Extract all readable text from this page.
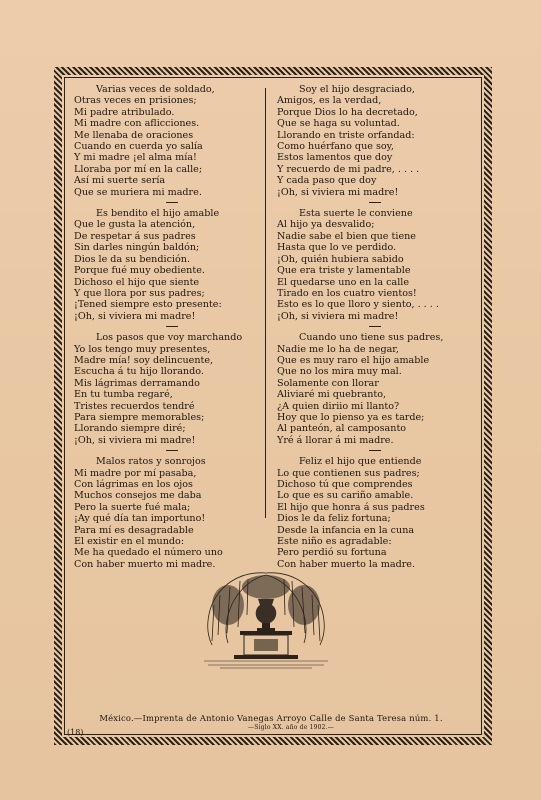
Varias veces de soldado,
Otras veces en prisiones;
Mi padre atribulado.
Mi madre con aflicciones.
Me llenaba de oraciones
Cuando en cuerda yo salía
Y mi madre ¡el alma mía!
Lloraba por mí en la calle;
Así mi suerte sería
Que se muriera mi madre.
Es bendito el hijo amable
Que le gusta la atención,
De respetar á sus padres
Sin darles ningún baldón;
Dios le da su bendición.
Porque fué muy obediente.
Dichoso el hijo que siente
Y que llora por sus padres;
¡Tened siempre esto presente:
¡Oh, si viviera mi madre!
Los pasos que voy marchando
Yo los tengo muy presentes,
Madre mía! soy delincuente,
Escucha á tu hijo llorando.
Mis lágrimas derramando
En tu tumba regaré,
Tristes recuerdos tendré
Para siempre memorables;
Llorando siempre diré;
¡Oh, si viviera mi madre!
Malos ratos y sonrojos
Mi madre por mí pasaba,
Con lágrimas en los ojos
Muchos consejos me daba
Pero la suerte fué mala;
¡Ay qué día tan importuno!
Para mí es desagradable
El existir en el mundo:
Me ha quedado el número uno
Con haber muerto mi madre.
Soy el hijo desgraciado,
Amigos, es la verdad,
Porque Dios lo ha decretado,
Que se haga su voluntad.
Llorando en triste orfandad:
Como huérfano que soy,
Estos lamentos que doy
Y recuerdo de mi padre, . . . .
Y cada paso que doy
¡Oh, si viviera mi madre!
Esta suerte le conviene
Al hijo ya desvalido;
Nadie sabe el bien que tiene
Hasta que lo ve perdido.
¡Oh, quién hubiera sabido
Que era triste y lamentable
El quedarse uno en la calle
Tirado en los cuatro vientos!
Esto es lo que lloro y siento, . . . .
¡Oh, si viviera mi madre!
Cuando uno tiene sus padres,
Nadie me lo ha de negar,
Que es muy raro el hijo amable
Que no los mira muy mal.
Solamente con llorar
Aliviaré mi quebranto,
¿A quien diriio mi llanto?
Hoy que lo pienso ya es tarde;
Al panteón, al camposanto
Yré á llorar á mi madre.
Feliz el hijo que entiende
Lo que contienen sus padres;
Dichoso tú que comprendes
Lo que es su cariño amable.
El hijo que honra á sus padres
Dios le da feliz fortuna;
Desde la infancia en la cuna
Este niño es agradable:
Pero perdió su fortuna
Con haber muerto la madre.
México.—Imprenta de Antonio Vanegas Arroyo Calle de Santa Teresa núm. 1.
—Siglo XX. año de 1902.—
(18)
